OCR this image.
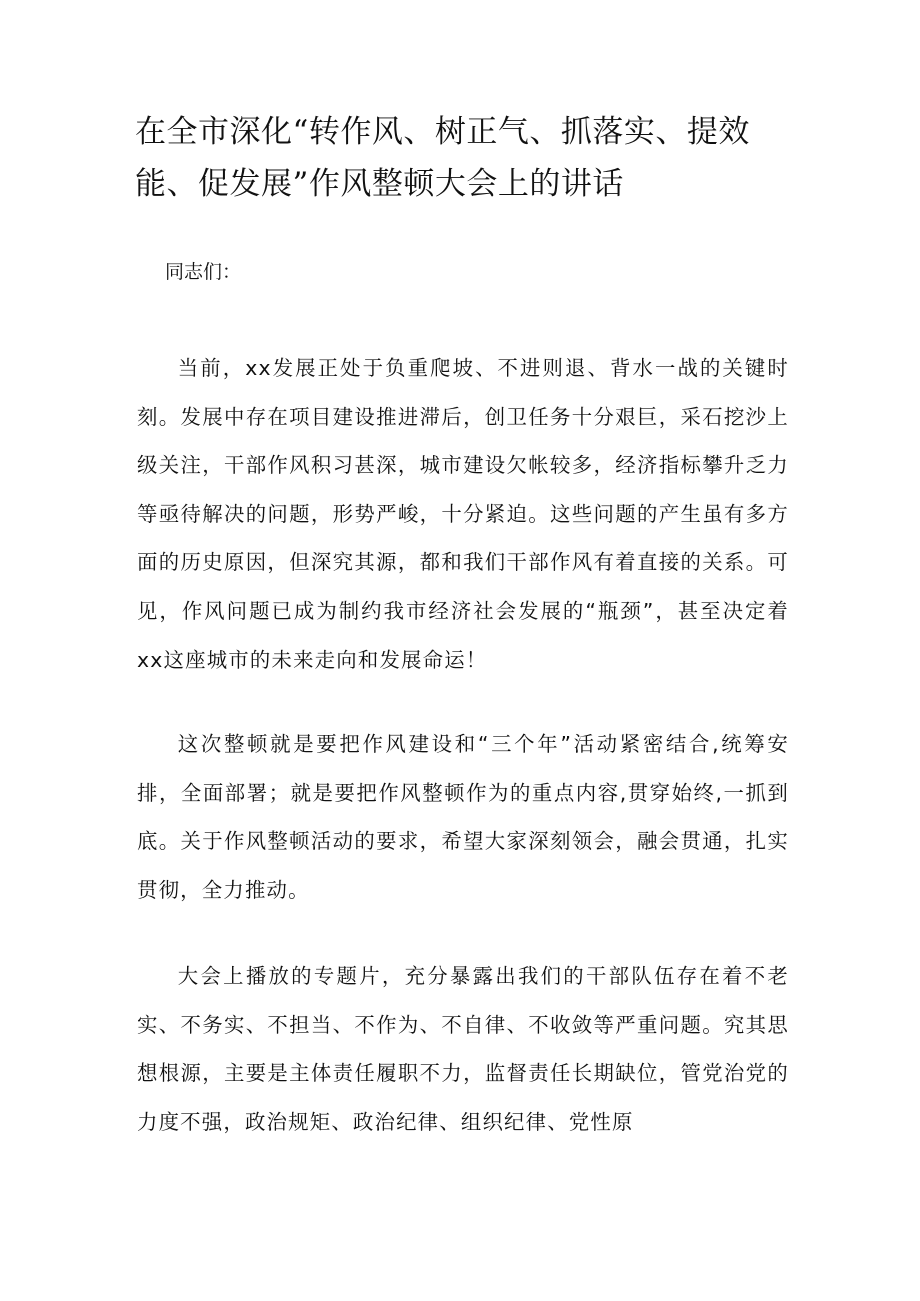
在全市深化“转作风、树正气、抓落实、提效能、促发展”作风整顿大会上的讲话

同志们：

当前，xx发展正处于负重爬坡、不进则退、背水一战的关键时刻。发展中存在项目建设推进滞后，创卫任务十分艰巨，采石挖沙上级关注，干部作风积习甚深，城市建设欠帐较多，经济指标攀升乏力等亟待解决的问题，形势严峻，十分紧迫。这些问题的产生虽有多方面的历史原因，但深究其源，都和我们干部作风有着直接的关系。可见，作风问题已成为制约我市经济社会发展的“瓶颈”，甚至决定着xx这座城市的未来走向和发展命运！

这次整顿就是要把作风建设和“三个年”活动紧密结合,统筹安排，全面部署；就是要把作风整顿作为的重点内容,贯穿始终,一抓到底。关于作风整顿活动的要求，希望大家深刻领会，融会贯通，扎实贯彻，全力推动。

大会上播放的专题片，充分暴露出我们的干部队伍存在着不老实、不务实、不担当、不作为、不自律、不收敛等严重问题。究其思想根源，主要是主体责任履职不力，监督责任长期缺位，管党治党的力度不强，政治规矩、政治纪律、组织纪律、党性原
